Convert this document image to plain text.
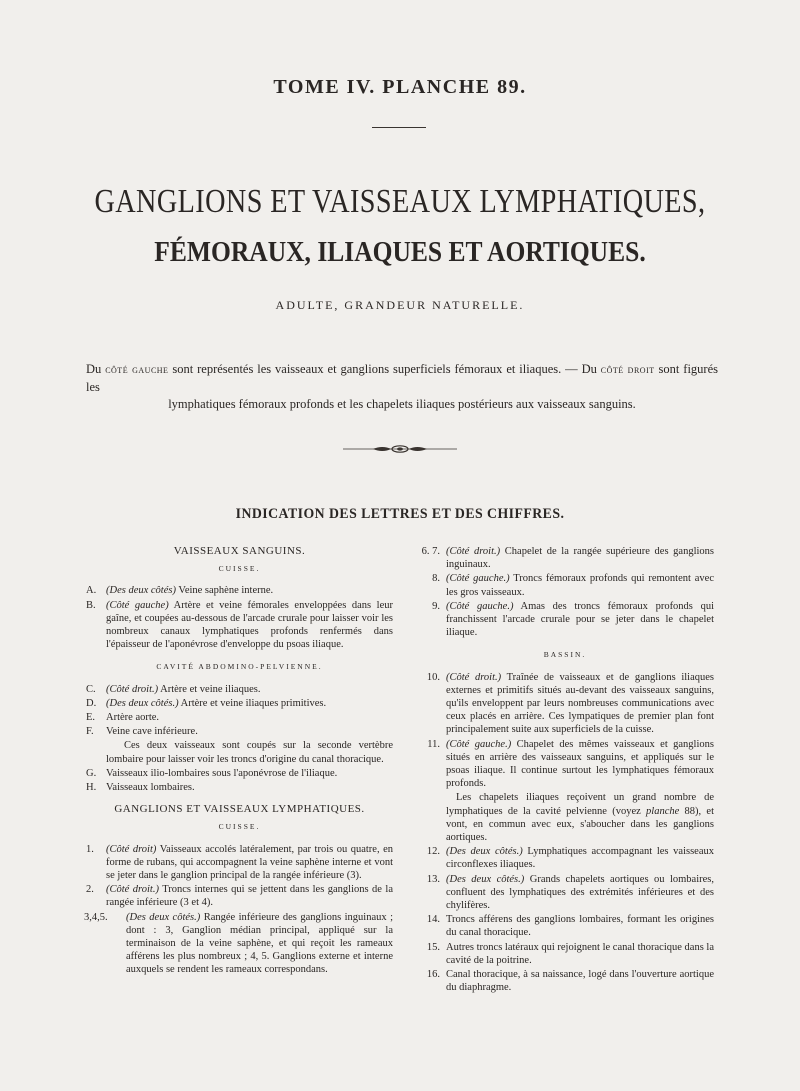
TOME IV. PLANCHE 89.
GANGLIONS ET VAISSEAUX LYMPHATIQUES,
FÉMORAUX, ILIAQUES ET AORTIQUES.
ADULTE, GRANDEUR NATURELLE.

Du côté gauche sont représentés les vaisseaux et ganglions superficiels fémoraux et iliaques. — Du côté droit sont figurés les

lymphatiques fémoraux profonds et les chapelets iliaques postérieurs aux vaisseaux sanguins.

INDICATION DES LETTRES ET DES CHIFFRES.
VAISSEAUX SANGUINS.
CUISSE.
A. (Des deux côtés) Veine saphène interne.
B. (Côté gauche) Artère et veine fémorales enveloppées dans leur gaîne, et coupées au-dessous de l'arcade crurale pour laisser voir les nombreux canaux lymphatiques profonds renfermés dans l'épaisseur de l'aponévrose d'enveloppe du psoas iliaque.
CAVITÉ ABDOMINO-PELVIENNE.
C. (Côté droit.) Artère et veine iliaques.
D. (Des deux côtés.) Artère et veine iliaques primitives.
E.	Artère aorte.
F.	Veine cave inférieure.
Ces deux vaisseaux sont coupés sur la seconde vertèbre lombaire pour laisser voir les troncs d'origine du canal thoracique.
G. Vaisseaux ilio-lombaires sous l'aponévrose de l'iliaque.
H. Vaisseaux lombaires.
GANGLIONS ET VAISSEAUX LYMPHATIQUES.
CUISSE.
1.	(Côté droit) Vaisseaux accolés latéralement, par trois ou quatre, en forme de rubans, qui accompagnent la veine saphène interne et vont se jeter dans le ganglion principal de la rangée inférieure (3).
2.	(Côté droit.) Troncs internes qui se jettent dans les ganglions de la rangée inférieure (3 et 4).
3,4,5.	(Des deux côtés.) Rangée inférieure des ganglions inguinaux ; dont : 3, Ganglion médian principal, appliqué sur la terminaison de la veine saphène, et qui reçoit les rameaux afférens les plus nombreux ; 4, 5. Ganglions externe et interne auxquels se rendent les rameaux correspondans.
6. 7. (Côté droit.) Chapelet de la rangée supérieure des ganglions inguinaux.
8. (Côté gauche.) Troncs fémoraux profonds qui remontent avec les gros vaisseaux.
9. (Côté gauche.) Amas des troncs fémoraux profonds qui franchissent l'arcade crurale pour se jeter dans le chapelet iliaque.
BASSIN.
10. (Côté droit.) Traînée de vaisseaux et de ganglions iliaques externes et primitifs situés au-devant des vaisseaux sanguins, qu'ils enveloppent par leurs nombreuses communications avec ceux placés en arrière. Ces lympatiques de premier plan font principalement suite aux superficiels de la cuisse.
11. (Côté gauche.) Chapelet des mêmes vaisseaux et ganglions situés en arrière des vaisseaux sanguins, et appliqués sur le psoas iliaque. Il continue surtout les lymphatiques fémoraux profonds.
Les chapelets iliaques reçoivent un grand nombre de lymphatiques de la cavité pelvienne (voyez planche 88), et vont, en commun avec eux, s'aboucher dans les ganglions aortiques.
12. (Des deux côtés.) Lymphatiques accompagnant les vaisseaux circonflexes iliaques.
13. (Des deux côtés.) Grands chapelets aortiques ou lombaires, confluent des lymphatiques des extrémités inférieures et des chylifères.
14. Troncs afférens des ganglions lombaires, formant les origines du canal thoracique.
15. Autres troncs latéraux qui rejoignent le canal thoracique dans la cavité de la poitrine.
16. Canal thoracique, à sa naissance, logé dans l'ouverture aortique du diaphragme.
